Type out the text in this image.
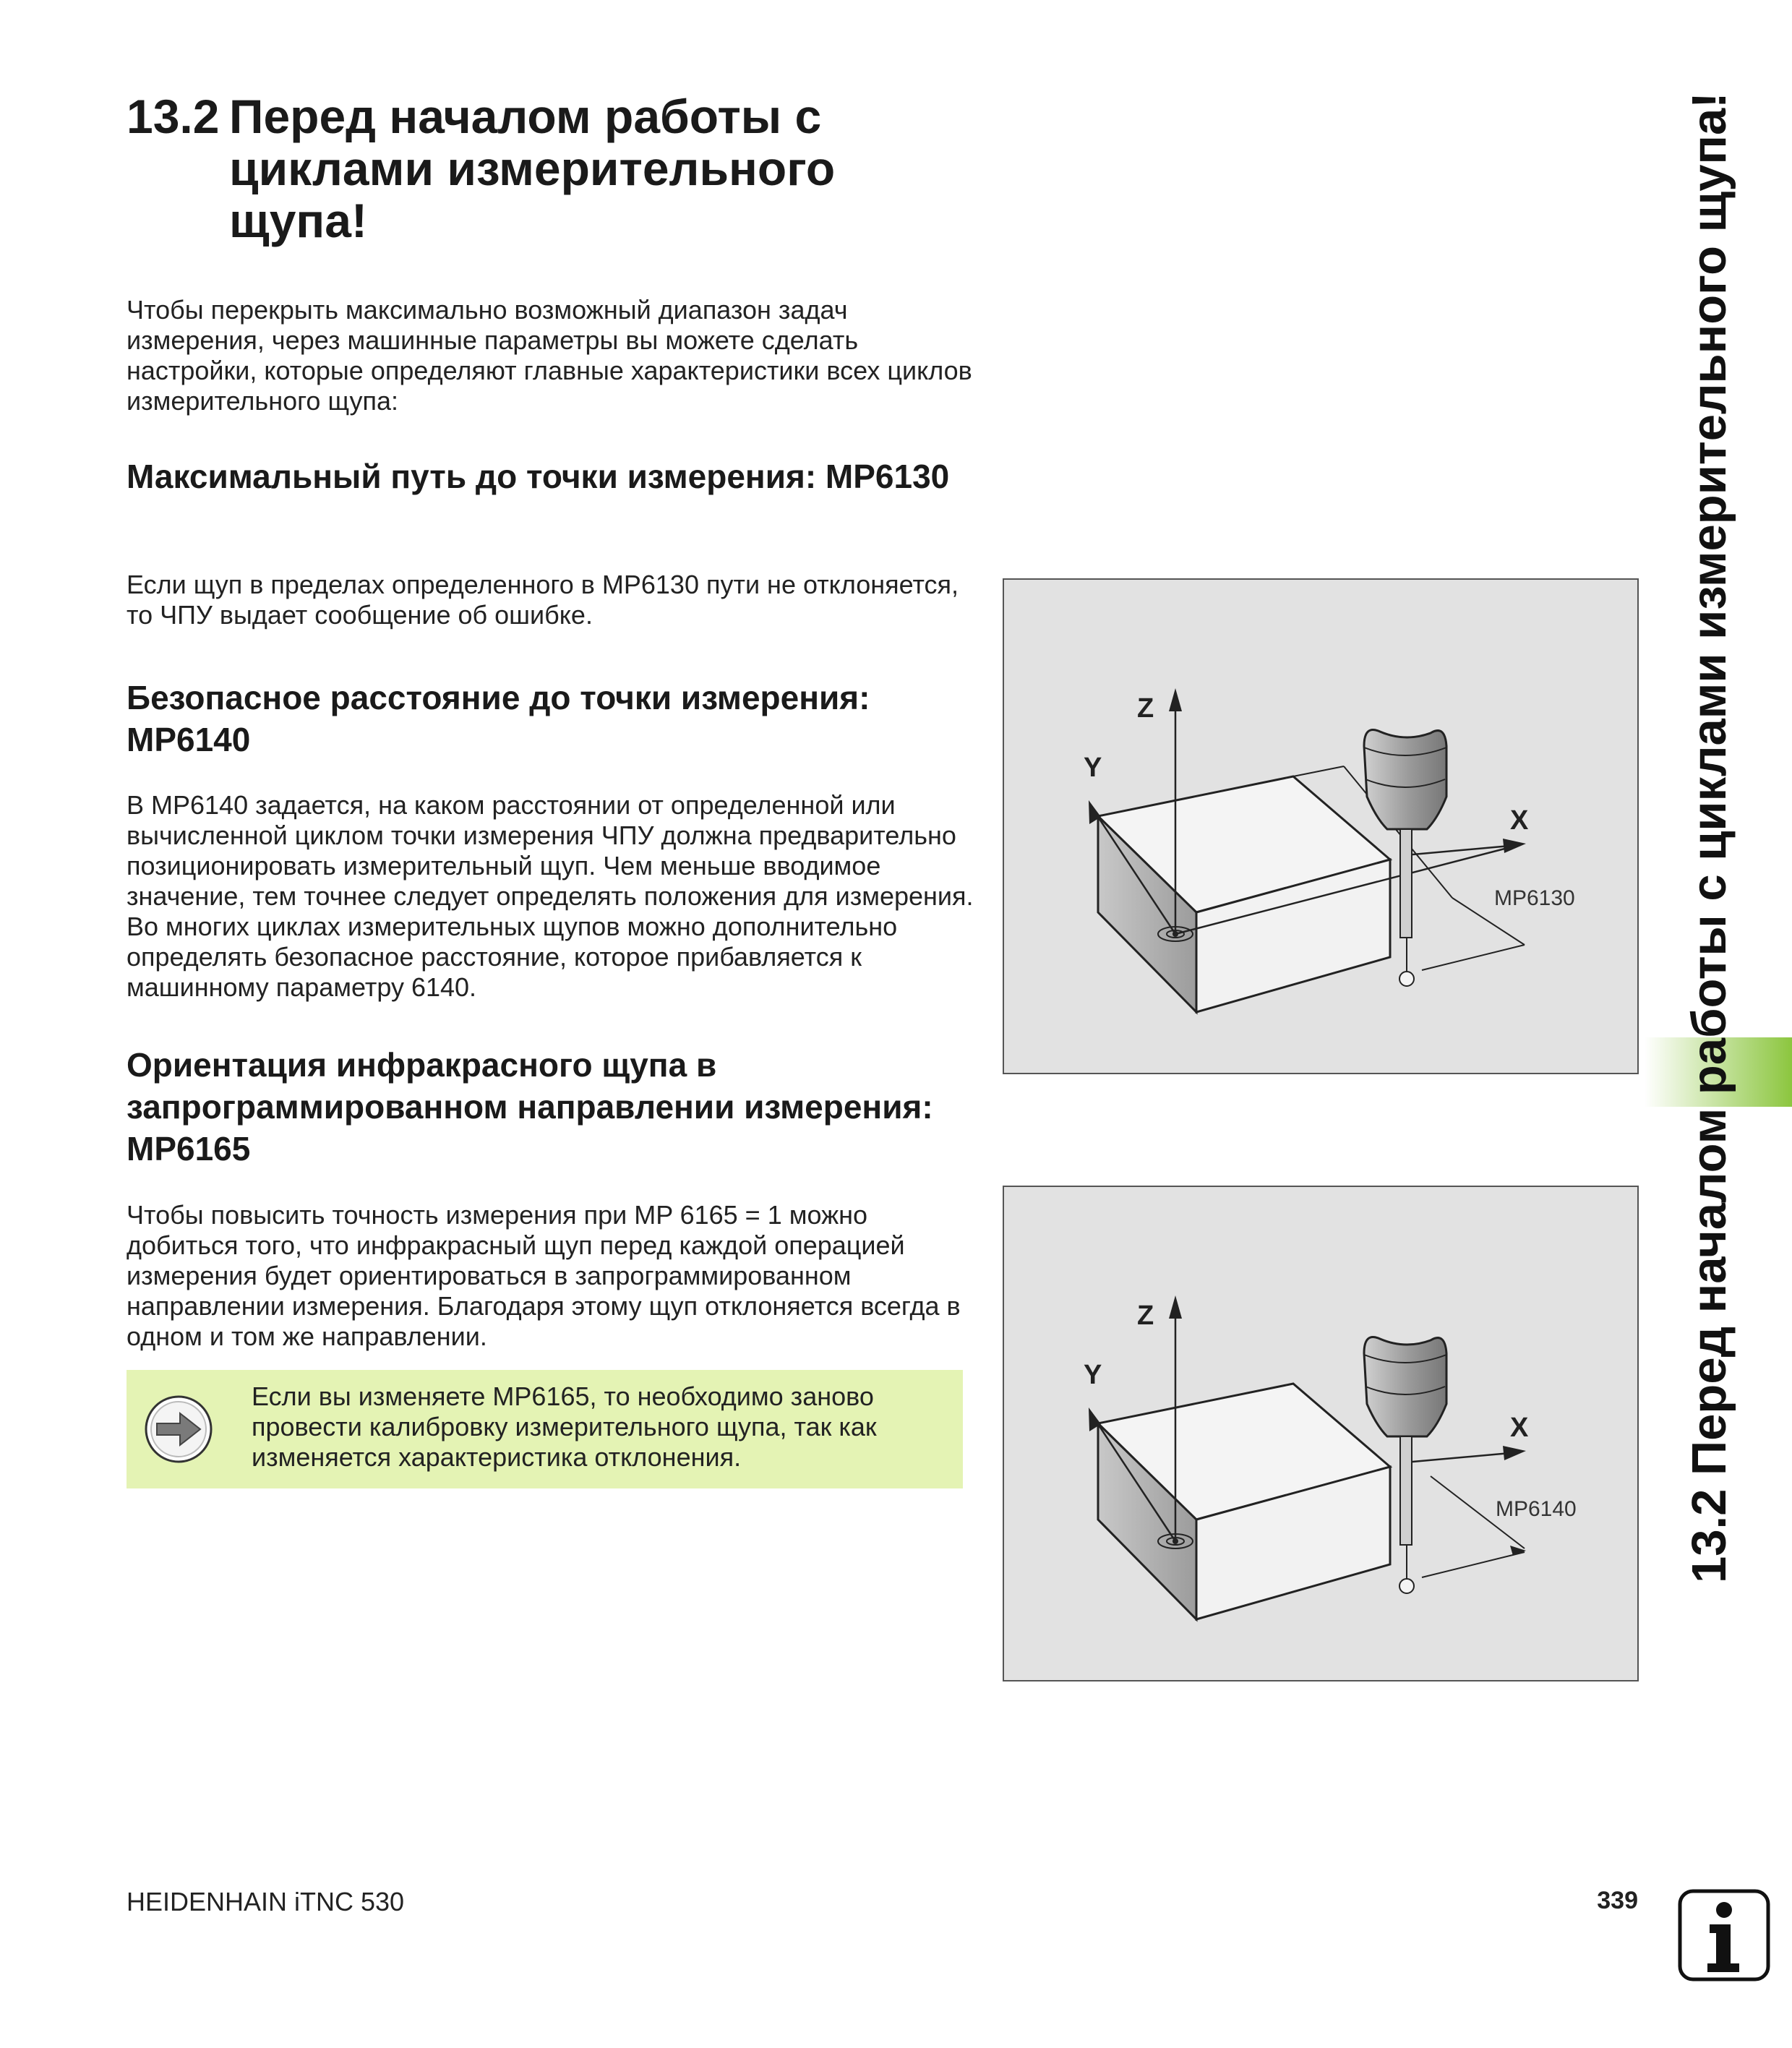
13.2 Перед началом работы с циклами измерительного щупа!

Чтобы перекрыть максимально возможный диапазон задач измерения, через машинные параметры вы можете сделать настройки, которые определяют главные характеристики всех циклов измерительного щупа:

Максимальный путь до точки измерения: MP6130

Если щуп в пределах определенного в MP6130 пути не отклоняется, то ЧПУ выдает сообщение об ошибке.

Безопасное расстояние до точки измерения: MP6140

В MP6140 задается, на каком расстоянии от определенной или вычисленной циклом точки измерения ЧПУ должна предварительно позиционировать измерительный щуп. Чем меньше вводимое значение, тем точнее следует определять положения для измерения. Во многих циклах измерительных щупов можно дополнительно определять безопасное расстояние, которое прибавляется к машинному параметру 6140.

Ориентация инфракрасного щупа в запрограммированном направлении измерения: MP6165

Чтобы повысить точность измерения при MP 6165 = 1 можно добиться того, что инфракрасный щуп перед каждой операцией измерения будет ориентироваться в запрограммированном направлении измерения. Благодаря этому щуп отклоняется всегда в одном и том же направлении.

Если вы изменяете MP6165, то необходимо заново провести калибровку измерительного щупа, так как изменяется характеристика отклонения.

Z
Y
X
MP6130
Z
Y
X
MP6140 13.2 Перед началом работы с циклами измерительного щупа!
HEIDENHAIN iTNC 530	339
